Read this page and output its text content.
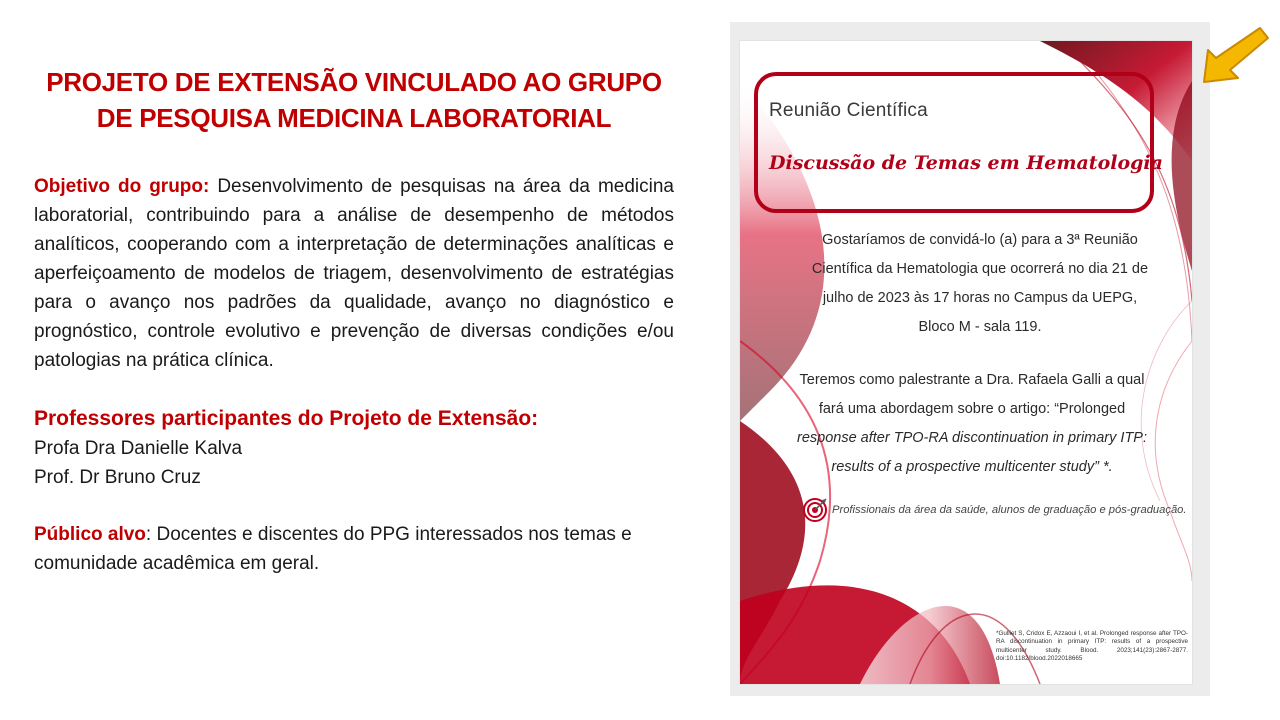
PROJETO DE EXTENSÃO VINCULADO AO GRUPO
DE PESQUISA MEDICINA LABORATORIAL

Objetivo do grupo: Desenvolvimento de pesquisas na área da medicina laboratorial, contribuindo para a análise de desempenho de métodos analíticos, cooperando com a interpretação de determinações analíticas e aperfeiçoamento de modelos de triagem, desenvolvimento de estratégias para o avanço nos padrões da qualidade, avanço no diagnóstico e prognóstico, controle evolutivo e prevenção de diversas condições e/ou patologias na prática clínica.

Professores participantes do Projeto de Extensão:
Profa Dra Danielle Kalva
Prof. Dr Bruno Cruz
Público alvo: Docentes e discentes do PPG interessados nos temas e comunidade acadêmica em geral.
Reunião Científica
Discussão de Temas em Hematologia
Gostaríamos de convidá-lo (a) para a 3ª Reunião
Científica da Hematologia que ocorrerá no dia 21 de
julho de 2023 às 17 horas no Campus da UEPG,
Bloco M - sala 119.
Teremos como palestrante a Dra. Rafaela Galli a qual
fará uma abordagem sobre o artigo: “Prolonged
response after TPO-RA discontinuation in primary ITP:
results of a prospective multicenter study” *.
Profissionais da área da saúde, alunos de graduação e pós-graduação.
*Gulliet S, Cridox E, Azzaoui I, et al. Prolonged response after TPO-RA discontinuation in primary ITP: results of a prospective multicenter study. Blood. 2023;141(23):2867-2877. doi:10.1182/blood.2022018665
